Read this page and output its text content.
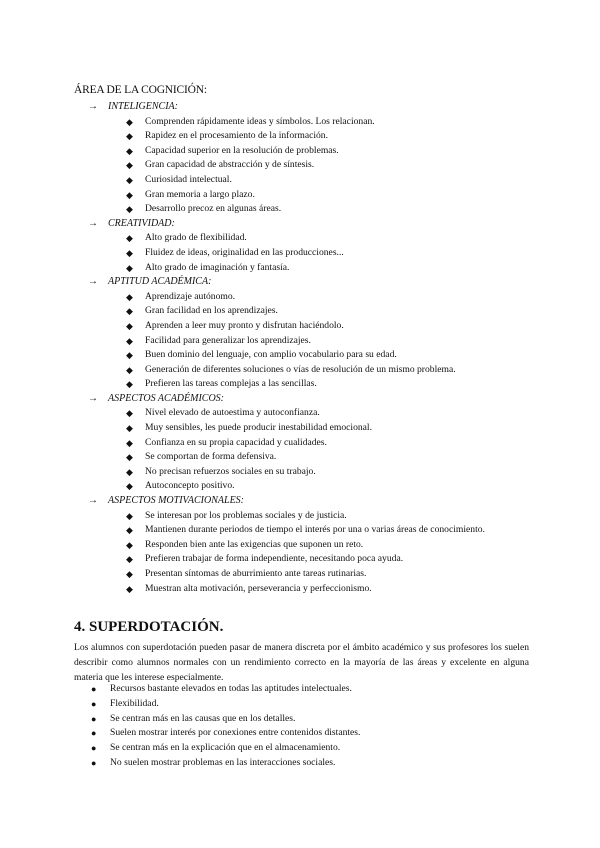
ÁREA DE LA COGNICIÓN:
→ INTELIGENCIA:
◆ Comprenden rápidamente ideas y símbolos. Los relacionan.
◆ Rapidez en el procesamiento de la información.
◆ Capacidad superior en la resolución de problemas.
◆ Gran capacidad de abstracción y de síntesis.
◆ Curiosidad intelectual.
◆ Gran memoria a largo plazo.
◆ Desarrollo precoz en algunas áreas.
→ CREATIVIDAD:
◆ Alto grado de flexibilidad.
◆ Fluidez de ideas, originalidad en las producciones...
◆ Alto grado de imaginación y fantasía.
→ APTITUD ACADÉMICA:
◆ Aprendizaje autónomo.
◆ Gran facilidad en los aprendizajes.
◆ Aprenden a leer muy pronto y disfrutan haciéndolo.
◆ Facilidad para generalizar los aprendizajes.
◆ Buen dominio del lenguaje, con amplio vocabulario para su edad.
◆ Generación de diferentes soluciones o vías de resolución de un mismo problema.
◆ Prefieren las tareas complejas a las sencillas.
→ ASPECTOS ACADÉMICOS:
◆ Nivel elevado de autoestima y autoconfianza.
◆ Muy sensibles, les puede producir inestabilidad emocional.
◆ Confianza en su propia capacidad y cualidades.
◆ Se comportan de forma defensiva.
◆ No precisan refuerzos sociales en su trabajo.
◆ Autoconcepto positivo.
→ ASPECTOS MOTIVACIONALES:
◆ Se interesan por los problemas sociales y de justicia.
◆ Mantienen durante periodos de tiempo el interés por una o varias áreas de conocimiento.
◆ Responden bien ante las exigencias que suponen un reto.
◆ Prefieren trabajar de forma independiente, necesitando poca ayuda.
◆ Presentan síntomas de aburrimiento ante tareas rutinarias.
◆ Muestran alta motivación, perseverancia y perfeccionismo.
4. SUPERDOTACIÓN.

Los alumnos con superdotación pueden pasar de manera discreta por el ámbito académico y sus profesores los suelen describir como alumnos normales con un rendimiento correcto en la mayoría de las áreas y excelente en alguna materia que les interese especialmente.

● Recursos bastante elevados en todas las aptitudes intelectuales.
● Flexibilidad.
● Se centran más en las causas que en los detalles.
● Suelen mostrar interés por conexiones entre contenidos distantes.
● Se centran más en la explicación que en el almacenamiento.
● No suelen mostrar problemas en las interacciones sociales.
